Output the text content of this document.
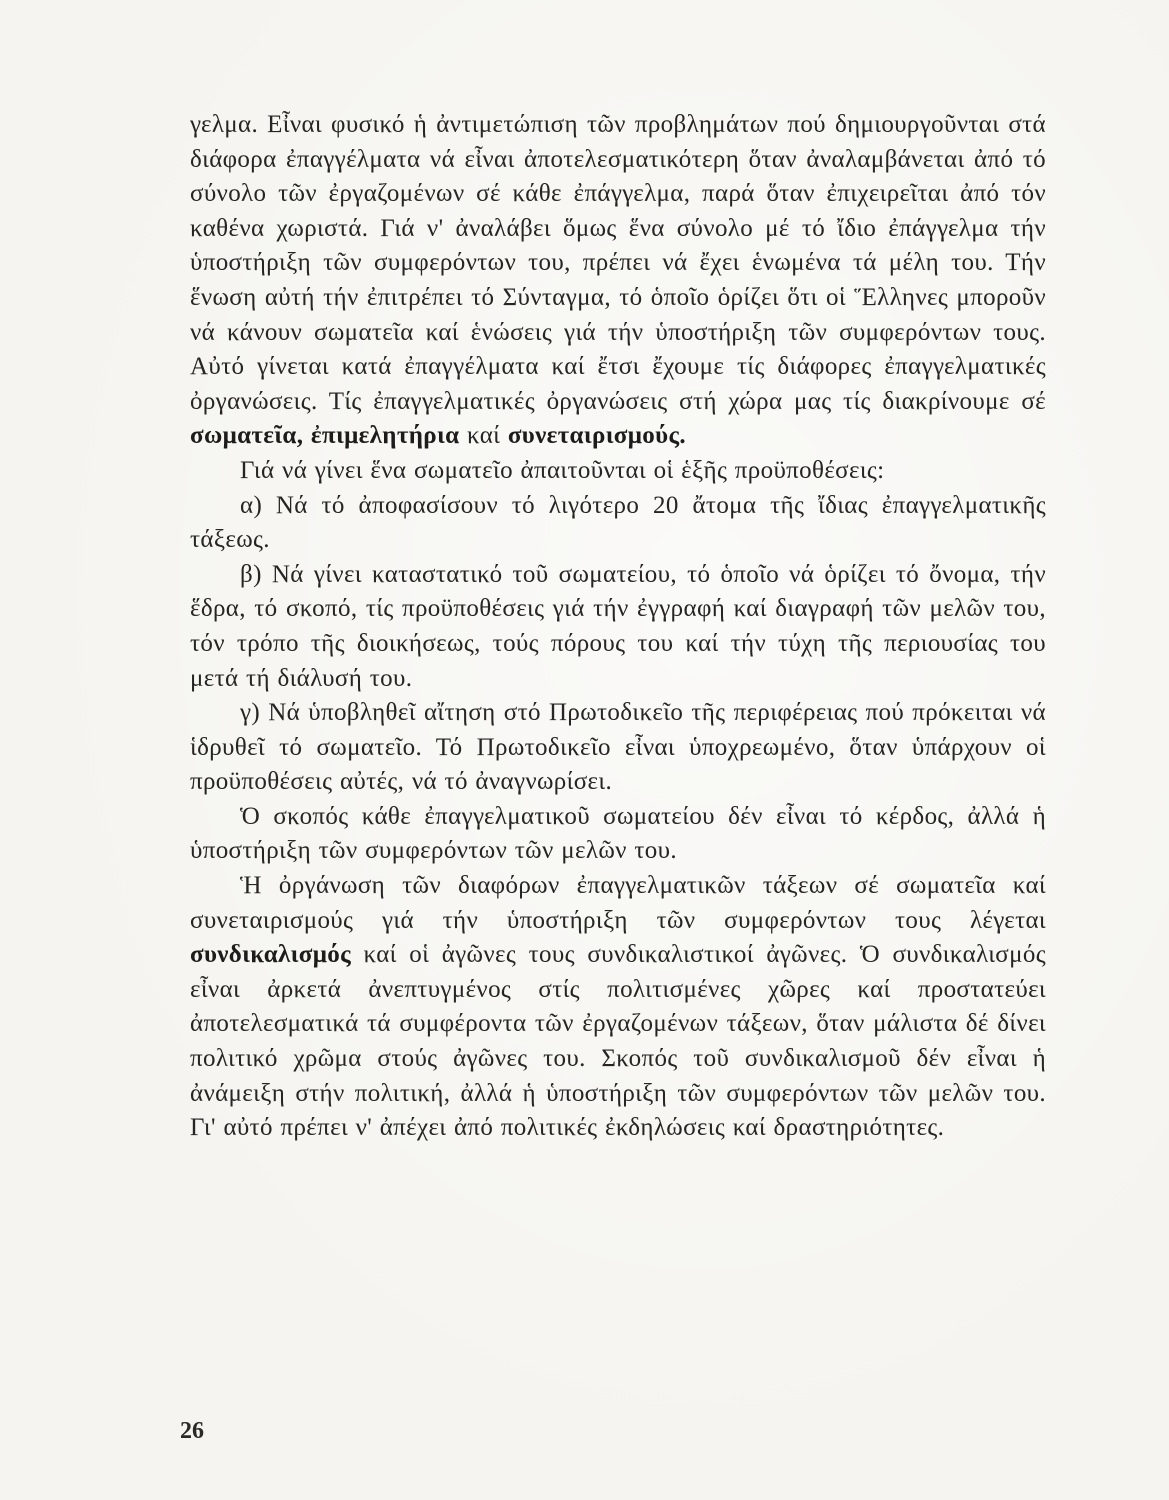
γελμα. Εἶναι φυσικό ἡ ἀντιμετώπιση τῶν προβλημάτων πού δημιουργοῦνται στά διάφορα ἐπαγγέλματα νά εἶναι ἀποτελεσματικότερη ὅταν ἀναλαμβάνεται ἀπό τό σύνολο τῶν ἐργαζομένων σέ κάθε ἐπάγγελμα, παρά ὅταν ἐπιχειρεῖται ἀπό τόν καθένα χωριστά. Γιά ν' ἀναλάβει ὅμως ἕνα σύνολο μέ τό ἴδιο ἐπάγγελμα τήν ὑποστήριξη τῶν συμφερόντων του, πρέπει νά ἔχει ἑνωμένα τά μέλη του. Τήν ἕνωση αὐτή τήν ἐπιτρέπει τό Σύνταγμα, τό ὁποῖο ὁρίζει ὅτι οἱ Ἕλληνες μποροῦν νά κάνουν σωματεῖα καί ἑνώσεις γιά τήν ὑποστήριξη τῶν συμφερόντων τους. Αὐτό γίνεται κατά ἐπαγγέλματα καί ἔτσι ἔχουμε τίς διάφορες ἐπαγγελματικές ὀργανώσεις. Τίς ἐπαγγελματικές ὀργανώσεις στή χώρα μας τίς διακρίνουμε σέ σωματεῖα, ἐπιμελητήρια καί συνεταιρισμούς.

Γιά νά γίνει ἕνα σωματεῖο ἀπαιτοῦνται οἱ ἑξῆς προϋποθέσεις:

α) Νά τό ἀποφασίσουν τό λιγότερο 20 ἄτομα τῆς ἴδιας ἐπαγγελματικῆς τάξεως.

β) Νά γίνει καταστατικό τοῦ σωματείου, τό ὁποῖο νά ὁρίζει τό ὄνομα, τήν ἕδρα, τό σκοπό, τίς προϋποθέσεις γιά τήν ἐγγραφή καί διαγραφή τῶν μελῶν του, τόν τρόπο τῆς διοικήσεως, τούς πόρους του καί τήν τύχη τῆς περιουσίας του μετά τή διάλυσή του.

γ) Νά ὑποβληθεῖ αἴτηση στό Πρωτοδικεῖο τῆς περιφέρειας πού πρόκειται νά ἱδρυθεῖ τό σωματεῖο. Τό Πρωτοδικεῖο εἶναι ὑποχρεωμένο, ὅταν ὑπάρχουν οἱ προϋποθέσεις αὐτές, νά τό ἀναγνωρίσει.

Ὁ σκοπός κάθε ἐπαγγελματικοῦ σωματείου δέν εἶναι τό κέρδος, ἀλλά ἡ ὑποστήριξη τῶν συμφερόντων τῶν μελῶν του.

Ἡ ὀργάνωση τῶν διαφόρων ἐπαγγελματικῶν τάξεων σέ σωματεῖα καί συνεταιρισμούς γιά τήν ὑποστήριξη τῶν συμφερόντων τους λέγεται συνδικαλισμός καί οἱ ἀγῶνες τους συνδικαλιστικοί ἀγῶνες. Ὁ συνδικαλισμός εἶναι ἀρκετά ἀνεπτυγμένος στίς πολιτισμένες χῶρες καί προστατεύει ἀποτελεσματικά τά συμφέροντα τῶν ἐργαζομένων τάξεων, ὅταν μάλιστα δέ δίνει πολιτικό χρῶμα στούς ἀγῶνες του. Σκοπός τοῦ συνδικαλισμοῦ δέν εἶναι ἡ ἀνάμειξη στήν πολιτική, ἀλλά ἡ ὑποστήριξη τῶν συμφερόντων τῶν μελῶν του. Γι' αὐτό πρέπει ν' ἀπέχει ἀπό πολιτικές ἐκδηλώσεις καί δραστηριότητες.

26
